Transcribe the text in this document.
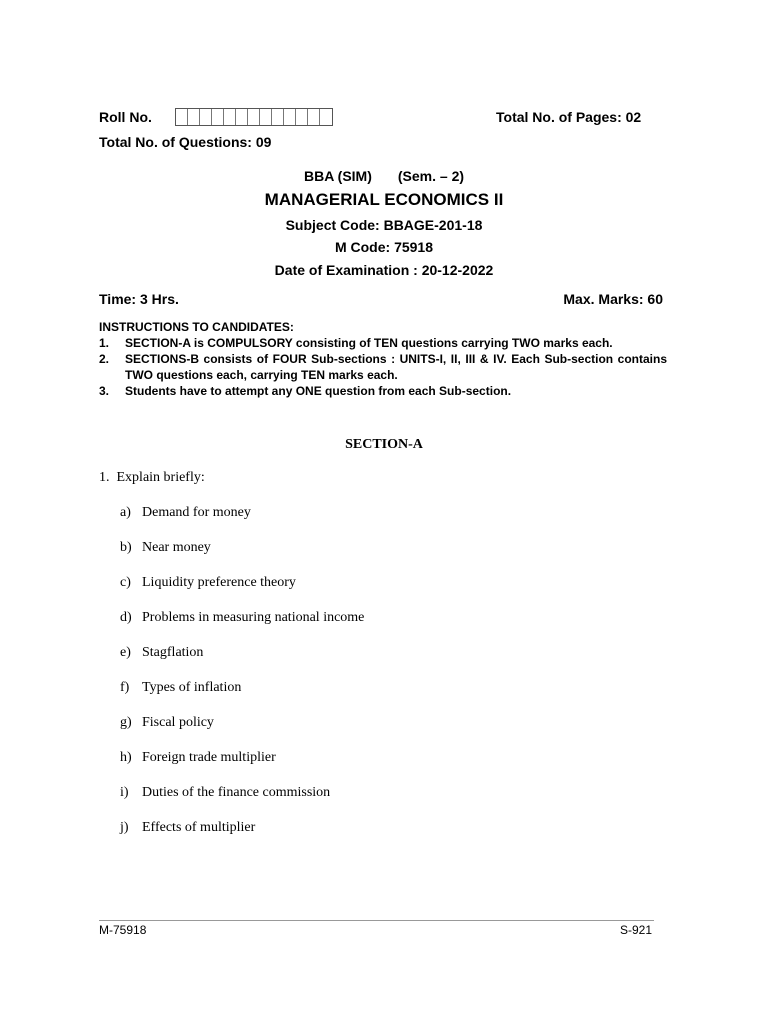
Roll No.	Total No. of Pages: 02
Total No. of Questions: 09
BBA (SIM) (Sem. – 2)
MANAGERIAL ECONOMICS II
Subject Code: BBAGE-201-18
M Code: 75918
Date of Examination : 20-12-2022
Time: 3 Hrs.	Max. Marks: 60
INSTRUCTIONS TO CANDIDATES:
1. SECTION-A is COMPULSORY consisting of TEN questions carrying TWO marks each.
2. SECTIONS-B consists of FOUR Sub-sections : UNITS-I, II, III & IV. Each Sub-section contains TWO questions each, carrying TEN marks each.
3. Students have to attempt any ONE question from each Sub-section.
SECTION-A
1. Explain briefly:
a) Demand for money
b) Near money
c) Liquidity preference theory
d) Problems in measuring national income
e) Stagflation
f) Types of inflation
g) Fiscal policy
h) Foreign trade multiplier
i) Duties of the finance commission
j) Effects of multiplier
M-75918	S-921
